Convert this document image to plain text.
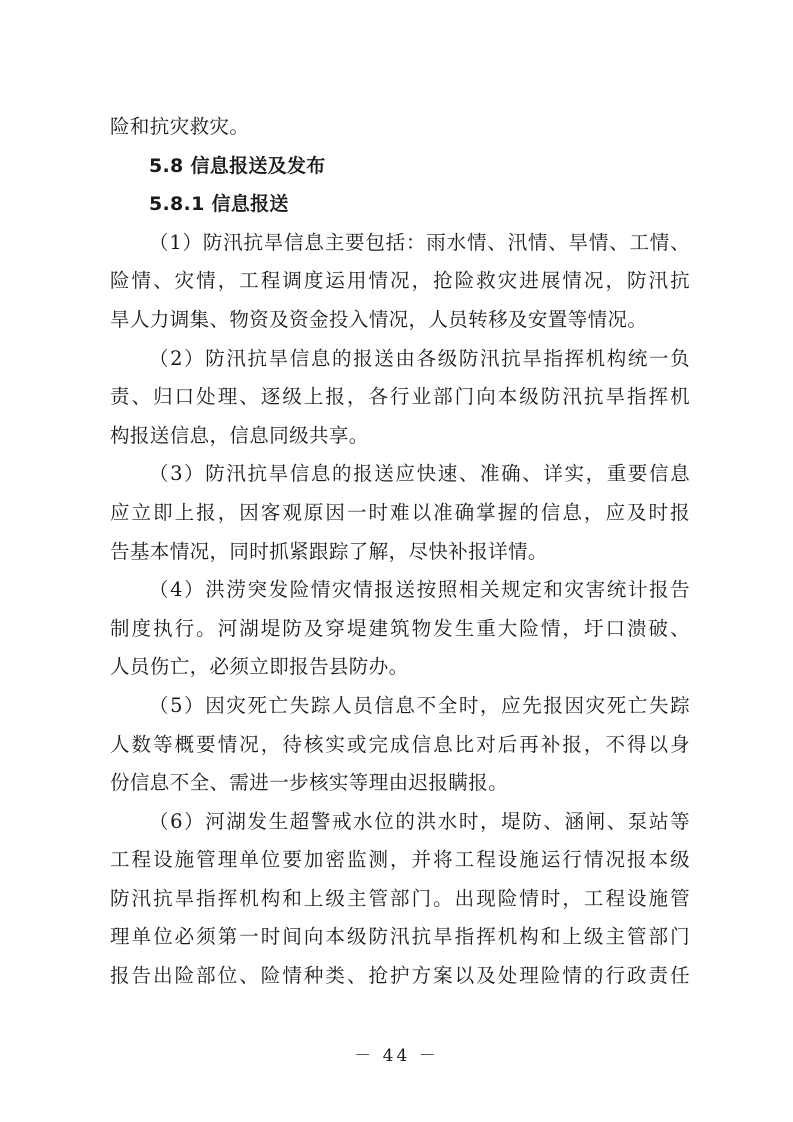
险和抗灾救灾。
5.8 信息报送及发布
5.8.1 信息报送
（1）防汛抗旱信息主要包括：雨水情、汛情、旱情、工情、
险情、灾情，工程调度运用情况，抢险救灾进展情况，防汛抗
旱人力调集、物资及资金投入情况，人员转移及安置等情况。
（2）防汛抗旱信息的报送由各级防汛抗旱指挥机构统一负
责、归口处理、逐级上报，各行业部门向本级防汛抗旱指挥机
构报送信息，信息同级共享。
（3）防汛抗旱信息的报送应快速、准确、详实，重要信息
应立即上报，因客观原因一时难以准确掌握的信息，应及时报
告基本情况，同时抓紧跟踪了解，尽快补报详情。
（4）洪涝突发险情灾情报送按照相关规定和灾害统计报告
制度执行。河湖堤防及穿堤建筑物发生重大险情，圩口溃破、
人员伤亡，必须立即报告县防办。
（5）因灾死亡失踪人员信息不全时，应先报因灾死亡失踪
人数等概要情况，待核实或完成信息比对后再补报，不得以身
份信息不全、需进一步核实等理由迟报瞒报。
（6）河湖发生超警戒水位的洪水时，堤防、涵闸、泵站等
工程设施管理单位要加密监测，并将工程设施运行情况报本级
防汛抗旱指挥机构和上级主管部门。出现险情时，工程设施管
理单位必须第一时间向本级防汛抗旱指挥机构和上级主管部门
报告出险部位、险情种类、抢护方案以及处理险情的行政责任
－ 44 －
